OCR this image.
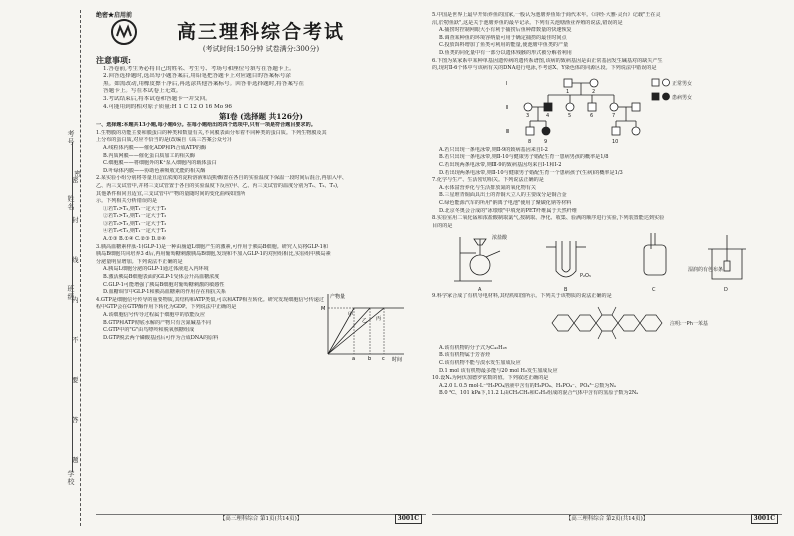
考号
班级
姓名
学校
密

密
封
线
内
不
要
答
题
绝密★启用前
高三理科综合考试
(考试时间:150分钟 试卷满分:300分)
注意事项:
1.答卷前,考生务必将自己的姓名、考生号、考场号和座位号填写在答题卡上。
2.回答选择题时,选出每小题答案后,用铅笔把答题卡上对应题目的答案标号涂
黑。如需改动,用橡皮擦干净后,再选涂其他答案标号。回答非选择题时,将答案写在
答题卡上。写在本试卷上无效。
3.考试结束后,将本试卷和答题卡一并交回。
4.可能用到的相对原子质量:H 1 C 12 O 16 Mo 96
第Ⅰ卷 (选择题 共126分)
一、选择题:本题共13小题,每小题6分。在每小题给出的四个选项中,只有一项是符合题目要求的。
1.生物膜的功能主要和膜蛋白的种类和数量有关,不同膜表面分布着不同种类的蛋白质。下列生物膜及其
上分布的蛋白质,对应不恰当的是(改编自《高三答案公众号》)
A.线粒体内膜——催化ADP和Pi合成ATP的酶
B.内质网膜——催化蛋白质加工的相关酶
C.细胞膜——将细胞外的K⁺泵入细胞内的载体蛋白
D.叶绿体内膜——协助色素吸收光能的相关酶
2.某实验小组分别将等量且适宜浓度的淀粉溶液和淀粉酶置在各自的实验温度下保温一段时间后混合,再加入甲、
乙、丙三支试管中,并将三支试管置于各自的实验温度下反应(甲、乙、丙三支试管的温度分别为T₁、T₂、T₃),
其他条件相同且适宜,三支试管中产物的量随时间的变化曲线如图所
示。下列相关分析错误的是
①若T₁>T₂,则T₁一定大于T₃
②若T₁>T₃,则T₁一定大于T₂
③若T₂>T₃,则T₁一定大于T₂
④若T₂<T₃,则T₁一定大于T₃
A.①③ B.①④ C.②③ D.②④
产物量
时间
M
甲
乙 丙
a	b c
3.胰高血糖素样肽-1(GLP-1)是一种由肠道L细胞产生的激素,可作用于胰岛B细胞。研究人员将GLP-1和
胰岛B细胞共同培养3 d后,再用葡萄糖刺激胰岛B细胞,发现和不加入GLP-1的对照组相比,实验组中胰岛素
分泌量明显增加。下列说法不正确的是
A.胰岛L细胞分泌的GLP-1通过体液进入内环境
B.激活胰岛B细胞表面的GLP-1受体会升高血糖浓度
C.GLP-1可能增强了胰岛B细胞对葡萄糖刺激的敏感性
D.血糖调节中GLP-1和胰高血糖素的作用存在相抗关系
4.GTP是细胞信号传导的重要物质,其结构和ATP类似,可以和ATP相互转化。研究发现细胞信号传递过
程中GTP会在GTP酶作用下转化为GDP。下列说法中正确的是
A.该细胞信号传导过程属于细胞中的放能反应
B.GTP和ATP彻底水解的产物只有含氮碱基不同
C.GTP中的"G"由鸟嘌呤和脱氧核糖组成
D.GTP脱去两个磷酸基团后可作为合成DNA的原料
【高三理科综合 第1页(共14页)】	3001C
5.中国是世界上最早开始养鱼的国家,一般认为池塘养鱼始于商代末年。《诗经·大雅·灵台》记载"王在灵
沼,於牣鱼跃",这是关于池塘养鱼的最早记录。下列有关池塘渔业养殖的说法,错误的是
A.捕捞时控制网眼大小有利于捕捞后鱼种群数量的快速恢复
B.调查某种鱼的环境容纳量可用于确定捕捞的最佳时间点
C.投放饵料增加了鱼类可利用的能量,使池塘中鱼类的产量
D.鱼类的同化量中有一部分以遗体残骸的形式被分解者利用
6.下图为某家系中某种单基因遗传病的遗传系谱图,该病的致病基因是由正常基因发生碱基对的缺失产生
的,现对Ⅱ-6个体中与该病有关的DNA进行电泳,不考虑X、Y染色体的同源区段。下列说法中错误的是
Ⅰ
Ⅱ
Ⅲ
1	2
3	4	5	6	7
8	9	10
正常男女
患病男女
A.若只出现一条电泳带,则Ⅱ-9的致病基因来自Ⅰ-2
B.若只出现一条电泳带,则Ⅱ-10与健康男子婚配生育一患病男孩的概率是1/8
C.若出现两条电泳带,则Ⅲ-9的致病基因均来自Ⅰ-1和Ⅰ-2
D.若出现两条电泳带,则Ⅱ-10与健康男子婚配生育一个患病孩子(生病)的概率是1/3
7.化学与生产、生活密切相关。下列说法正确的是
A.水体富营养化与生活排放氮的氧化物有关
B.三星堆青铜面具出土的青铜大立人的主要成分是铜合金
C.绿色能源汽车的所用"钠离子电池"使用了聚碳化钠等材料
D.北京冬奥会合成的"冰墩墩"中填充的PET纤维属于天然纤维
8.实验室用二氧化锰和浓盐酸制取氯气,按制取、净化、收集、验满的顺序进行实验,下列装置能达到实验
目的的是
浓盐酸
P₂O₅
湿润的有色布条
A	B	C	D
9.科学家合成了有机导电材料,其结构如图所示。下列关于该物质的说法正确的是
注明:一Ph一苯基
A.该有机物的分子式为C₄₂H₂₈
B.该有机物属于芳香烃
C.该有机物不能与溴水发生加成反应
D.1 mol 该有机物最多能与20 mol H₂发生加成反应
10.设Nₐ为阿伏加德罗常数的值。下列叙述正确的是
A.2.0 L 0.5 mol·L⁻¹H₃PO₄溶液中含有的H₃PO₄、H₂PO₄⁻、PO₄³⁻总数为Nₐ
B.0 ℃、101 kPa下,11.2 L由CH₂CH₂和C₂H₂组成的混合气体中含有的氢原子数为2Nₐ
【高三理科综合 第2页(共14页)】	3001C
